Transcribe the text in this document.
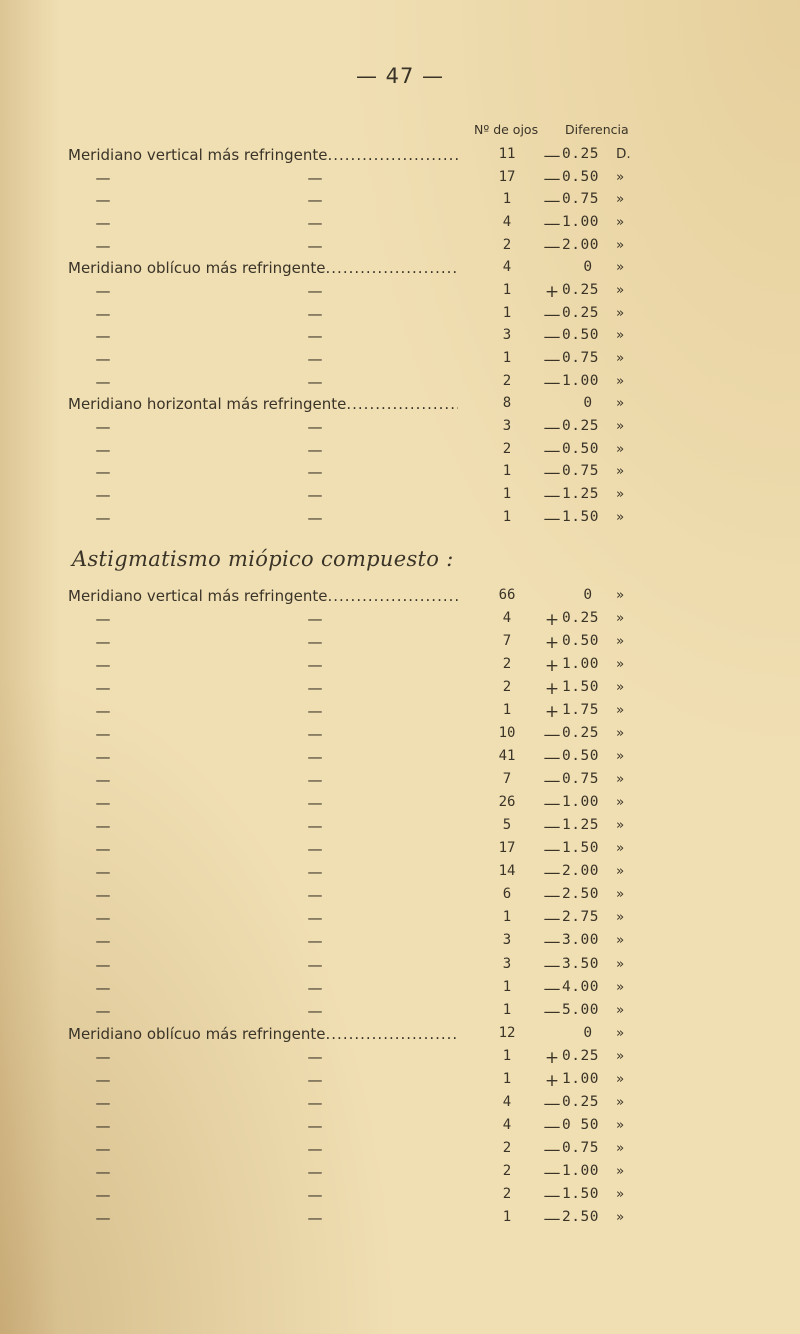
— 47 —
Nº de ojos Diferencia
Meridiano vertical más refringente .....	11	— 0.25	D.
—	—	17	— 0.50	»
—	—	1	— 0.75	»
—	—	4	— 1.00	»
—	—	2	— 2.00	»
Meridiano oblícuo más refringente .....	4	0	»
—	—	1	+ 0.25	»
—	—	1	— 0.25	»
—	—	3	— 0.50	»
—	—	1	— 0.75	»
—	—	2	— 1.00	»
Meridiano horizontal más refringente .....	8	0	»
—	—	3	— 0.25	»
—	—	2	— 0.50	»
—	—	1	— 0.75	»
—	—	1	— 1.25	»
—	—	1	— 1.50	»
Astigmatismo miópico compuesto :
Meridiano vertical más refringente .....	66	0	»
—	—	4	+ 0.25	»
—	—	7	+ 0.50	»
—	—	2	+ 1.00	»
—	—	2	+ 1.50	»
—	—	1	+ 1.75	»
—	—	10	— 0.25	»
—	—	41	— 0.50	»
—	—	7	— 0.75	»
—	—	26	— 1.00	»
—	—	5	— 1.25	»
—	—	17	— 1.50	»
—	—	14	— 2.00	»
—	—	6	— 2.50	»
—	—	1	— 2.75	»
—	—	3	— 3.00	»
—	—	3	— 3.50	»
—	—	1	— 4.00	»
—	—	1	— 5.00	»
Meridiano oblícuo más refringente .....	12	0	»
—	—	1	+ 0.25	»
—	—	1	+ 1.00	»
—	—	4	— 0.25	»
—	—	4	— 0 50	»
—	—	2	— 0.75	»
—	—	2	— 1.00	»
—	—	2	— 1.50	»
—	—	1	— 2.50	»
